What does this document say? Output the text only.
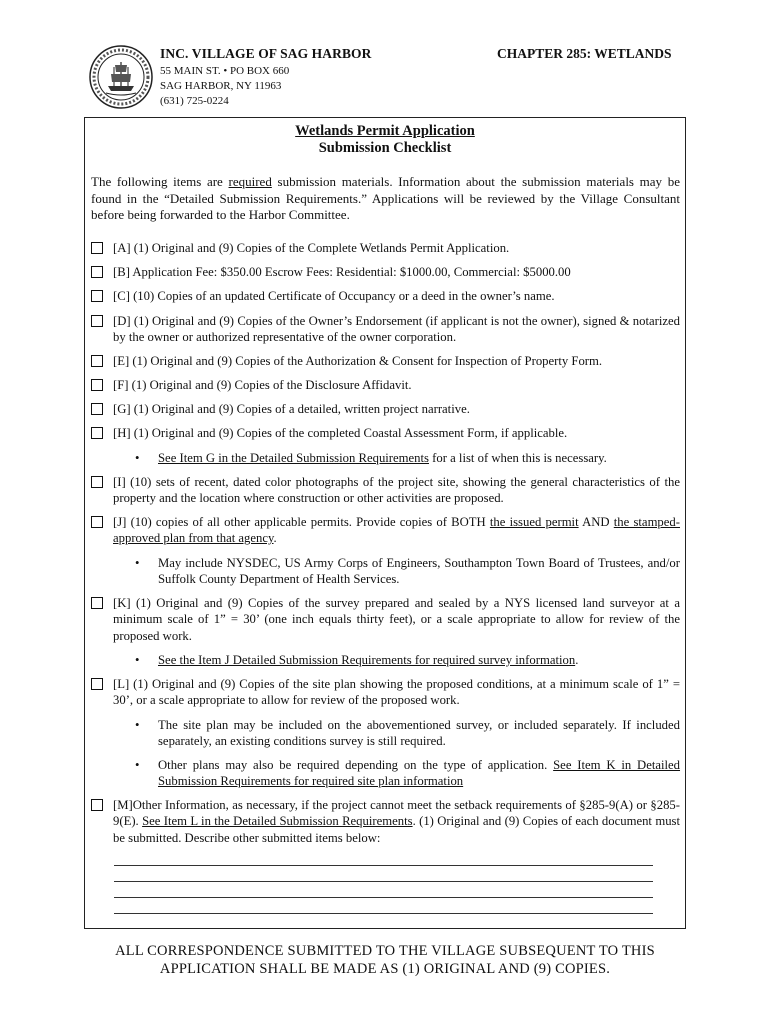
INC. VILLAGE OF SAG HARBOR	CHAPTER 285: WETLANDS
55 MAIN ST. • PO BOX 660
SAG HARBOR, NY 11963
(631) 725-0224
Wetlands Permit Application
Submission Checklist
The following items are required submission materials. Information about the submission materials may be found in the “Detailed Submission Requirements.” Applications will be reviewed by the Village Consultant before being forwarded to the Harbor Committee.
[A] (1) Original and (9) Copies of the Complete Wetlands Permit Application.
[B] Application Fee: $350.00 Escrow Fees: Residential: $1000.00, Commercial: $5000.00
[C] (10) Copies of an updated Certificate of Occupancy or a deed in the owner’s name.
[D] (1) Original and (9) Copies of the Owner’s Endorsement (if applicant is not the owner), signed & notarized by the owner or authorized representative of the owner corporation.
[E] (1) Original and (9) Copies of the Authorization & Consent for Inspection of Property Form.
[F] (1) Original and (9) Copies of the Disclosure Affidavit.
[G] (1) Original and (9) Copies of a detailed, written project narrative.
[H] (1) Original and (9) Copies of the completed Coastal Assessment Form, if applicable.
• See Item G in the Detailed Submission Requirements for a list of when this is necessary.
[I] (10) sets of recent, dated color photographs of the project site, showing the general characteristics of the property and the location where construction or other activities are proposed.
[J] (10) copies of all other applicable permits. Provide copies of BOTH the issued permit AND the stamped-approved plan from that agency.
• May include NYSDEC, US Army Corps of Engineers, Southampton Town Board of Trustees, and/or Suffolk County Department of Health Services.
[K] (1) Original and (9) Copies of the survey prepared and sealed by a NYS licensed land surveyor at a minimum scale of 1” = 30’ (one inch equals thirty feet), or a scale appropriate to allow for review of the proposed work.
• See the Item J Detailed Submission Requirements for required survey information.
[L] (1) Original and (9) Copies of the site plan showing the proposed conditions, at a minimum scale of 1” = 30’, or a scale appropriate to allow for review of the proposed work.
• The site plan may be included on the abovementioned survey, or included separately. If included separately, an existing conditions survey is still required.
• Other plans may also be required depending on the type of application. See Item K in Detailed Submission Requirements for required site plan information
[M]Other Information, as necessary, if the project cannot meet the setback requirements of §285-9(A) or §285-9(E). See Item L in the Detailed Submission Requirements. (1) Original and (9) Copies of each document must be submitted. Describe other submitted items below:
ALL CORRESPONDENCE SUBMITTED TO THE VILLAGE SUBSEQUENT TO THIS
APPLICATION SHALL BE MADE AS (1) ORIGINAL AND (9) COPIES.
